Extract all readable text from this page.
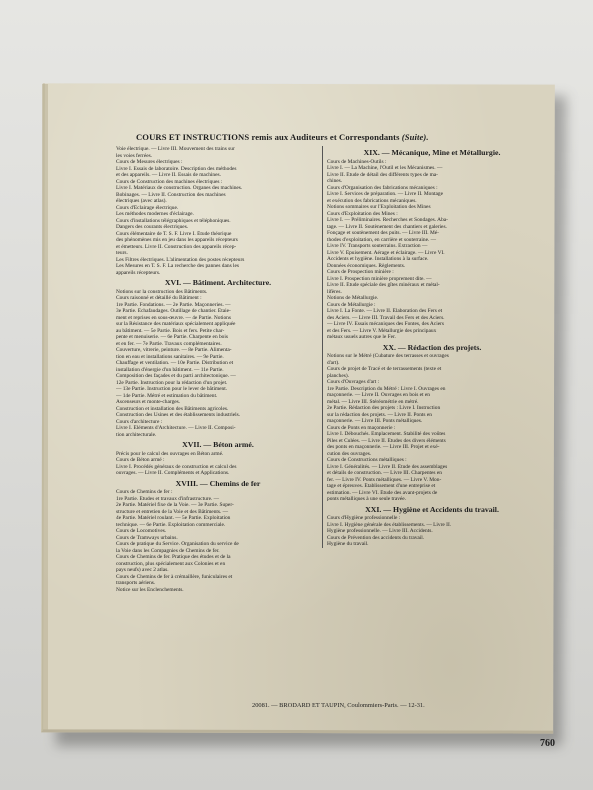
COURS ET INSTRUCTIONS remis aux Auditeurs et Correspondants (Suite).
Voie électrique. — Livre III. Mouvement des trains sur
les voies ferrées.
Cours de Mesures électriques :
Livre I. Essais de laboratoire. Description des méthodes
et des appareils. — Livre II. Essais de machines.
Cours de Construction des machines électriques :
Livre I. Matériaux de construction. Organes des machines.
Bobinages. — Livre II. Construction des machines
électriques (avec atlas).
Cours d'Éclairage électrique.
Les méthodes modernes d'éclairage.
Cours d'installations télégraphiques et téléphoniques.
Dangers des courants électriques.
Cours élémentaire de T. S. F. Livre I. Étude théorique
des phénomènes mis en jeu dans les appareils récepteurs
et émetteurs. Livre II. Construction des appareils récep-
teurs.
Les Filtres électriques. L'alimentation des postes récepteurs
Les Mesures en T. S. F. La recherche des pannes dans les
appareils récepteurs.
XVI. — Bâtiment. Architecture.
Notions sur la construction des Bâtiments.
Cours raisonné et détaillé du Bâtiment :
1re Partie. Fondations. — 2e Partie. Maçonneries. —
3e Partie. Échafaudages. Outillage de chantier. Étaie-
ment et reprises en sous-œuvre. — 4e Partie. Notions
sur la Résistance des matériaux spécialement appliquée
au bâtiment. — 5e Partie. Bois et fers. Petite char-
pente et menuiserie. — 6e Partie. Charpente en bois
et en fer. — 7e Partie. Travaux complémentaires.
Couverture, vitrerie, peinture. — 8e Partie. Alimenta-
tion en eau et installations sanitaires. — 9e Partie.
Chauffage et ventilation. — 10e Partie. Distribution et
installation d'énergie d'un bâtiment. — 11e Partie.
Composition des façades et du parti architectonique. —
12e Partie. Instruction pour la rédaction d'un projet.
— 13e Partie. Instruction pour le lever de bâtiment.
— 14e Partie. Métré et estimation du bâtiment.
Ascenseurs et monte-charges.
Construction et installation des Bâtiments agricoles.
Construction des Usines et des établissements industriels.
Cours d'architecture :
Livre I. Éléments d'Architecture. — Livre II. Composi-
tion architecturale.
XVII. — Béton armé.
Précis pour le calcul des ouvrages en Béton armé.
Cours de Béton armé :
Livre I. Procédés généraux de construction et calcul des
ouvrages. — Livre II. Compléments et Applications.
XVIII. — Chemins de fer
Cours de Chemins de fer :
1re Partie. Études et travaux d'infrastructure. —
2e Partie. Matériel fixe de la Voie. — 3e Partie. Super-
structure et entretien de la Voie et des Bâtiments. —
4e Partie. Matériel roulant. — 5e Partie. Exploitation
technique. — 6e Partie. Exploitation commerciale.
Cours de Locomotives.
Cours de Tramways urbains.
Cours de pratique du Service. Organisation du service de
la Voie dans les Compagnies de Chemins de fer.
Cours de Chemins de fer. Pratique des études et de la
construction, plus spécialement aux Colonies et en
pays neufs) avec 2 atlas.
Cours de Chemins de fer à crémaillère, funiculaires et
transports aériens.
Notice sur les Enclenchements.
XIX. — Mécanique, Mine et Métallurgie.
Cours de Machines-Outils :
Livre I. — La Machine, l'Outil et les Mécanismes. —
Livre II. Étude de détail des différents types de ma-
chines.
Cours d'Organisation des fabrications mécaniques :
Livre I. Services de préparation. — Livre II. Montage
et exécution des fabrications mécaniques.
Notions sommaires sur l'Exploitation des Mines
Cours d'Exploitation des Mines :
Livre I. — Préliminaires. Recherches et Sondages. Aba-
tage. — Livre II. Soutènement des chantiers et galeries.
Fonçage et soutènement des puits. — Livre III. Mé-
thodes d'exploitation, en carrière et souterraine. —
Livre IV. Transports souterrains. Extraction —
Livre V. Épuisement. Aérage et éclairage. — Livre VI.
Accidents et hygiène. Installations à la surface.
Données économiques. Règlements.
Cours de Prospection minière :
Livre I. Prospection minière proprement dite. —
Livre II. Étude spéciale des gîtes minéraux et métal-
lifères.
Notions de Métallurgie.
Cours de Métallurgie :
Livre I. La Fonte. — Livre II. Élaboration des Fers et
des Aciers. — Livre III. Travail des Fers et des Aciers.
— Livre IV. Essais mécaniques des Fontes, des Aciers
et des Fers. — Livre V. Métallurgie des principaux
métaux usuels autres que le Fer.
XX. — Rédaction des projets.
Notions sur le Métré (Cubature des terrasses et ouvrages
d'art).
Cours de projet de Tracé et de terrassements (texte et
planches).
Cours d'Ouvrages d'art :
1re Partie. Description du Métré : Livre I. Ouvrages en
maçonnerie. — Livre II. Ouvrages en bois et en
métal. — Livre III. Stéréométrie en métré.
2e Partie. Rédaction des projets : Livre I. Instruction
sur la rédaction des projets. — Livre II. Ponts en
maçonnerie. — Livre III. Ponts métalliques.
Cours de Ponts en maçonnerie :
Livre I. Débouchés. Emplacement. Stabilité des voûtes
Piles et Culées. — Livre II. Études des divers éléments
des ponts en maçonnerie. — Livre III. Projet et exé-
cution des ouvrages.
Cours de Constructions métalliques :
Livre I. Généralités. — Livre II. Étude des assemblages
et détails de construction. — Livre III. Charpentes en
fer. — Livre IV. Ponts métalliques. — Livre V. Mon-
tage et épreuves. Établissement d'une entreprise et
estimation. — Livre VI. Étude des avant-projets de
ponts métalliques à une seule travée.
XXI. — Hygiène et Accidents du travail.
Cours d'Hygiène professionnelle :
Livre I. Hygiène générale des établissements. — Livre II.
Hygiène professionnelle. — Livre III. Accidents.
Cours de Prévention des accidents du travail.
Hygiène du travail.
20081. — BRODARD ET TAUPIN, Coulommiers-Paris. — 12-31.
760
